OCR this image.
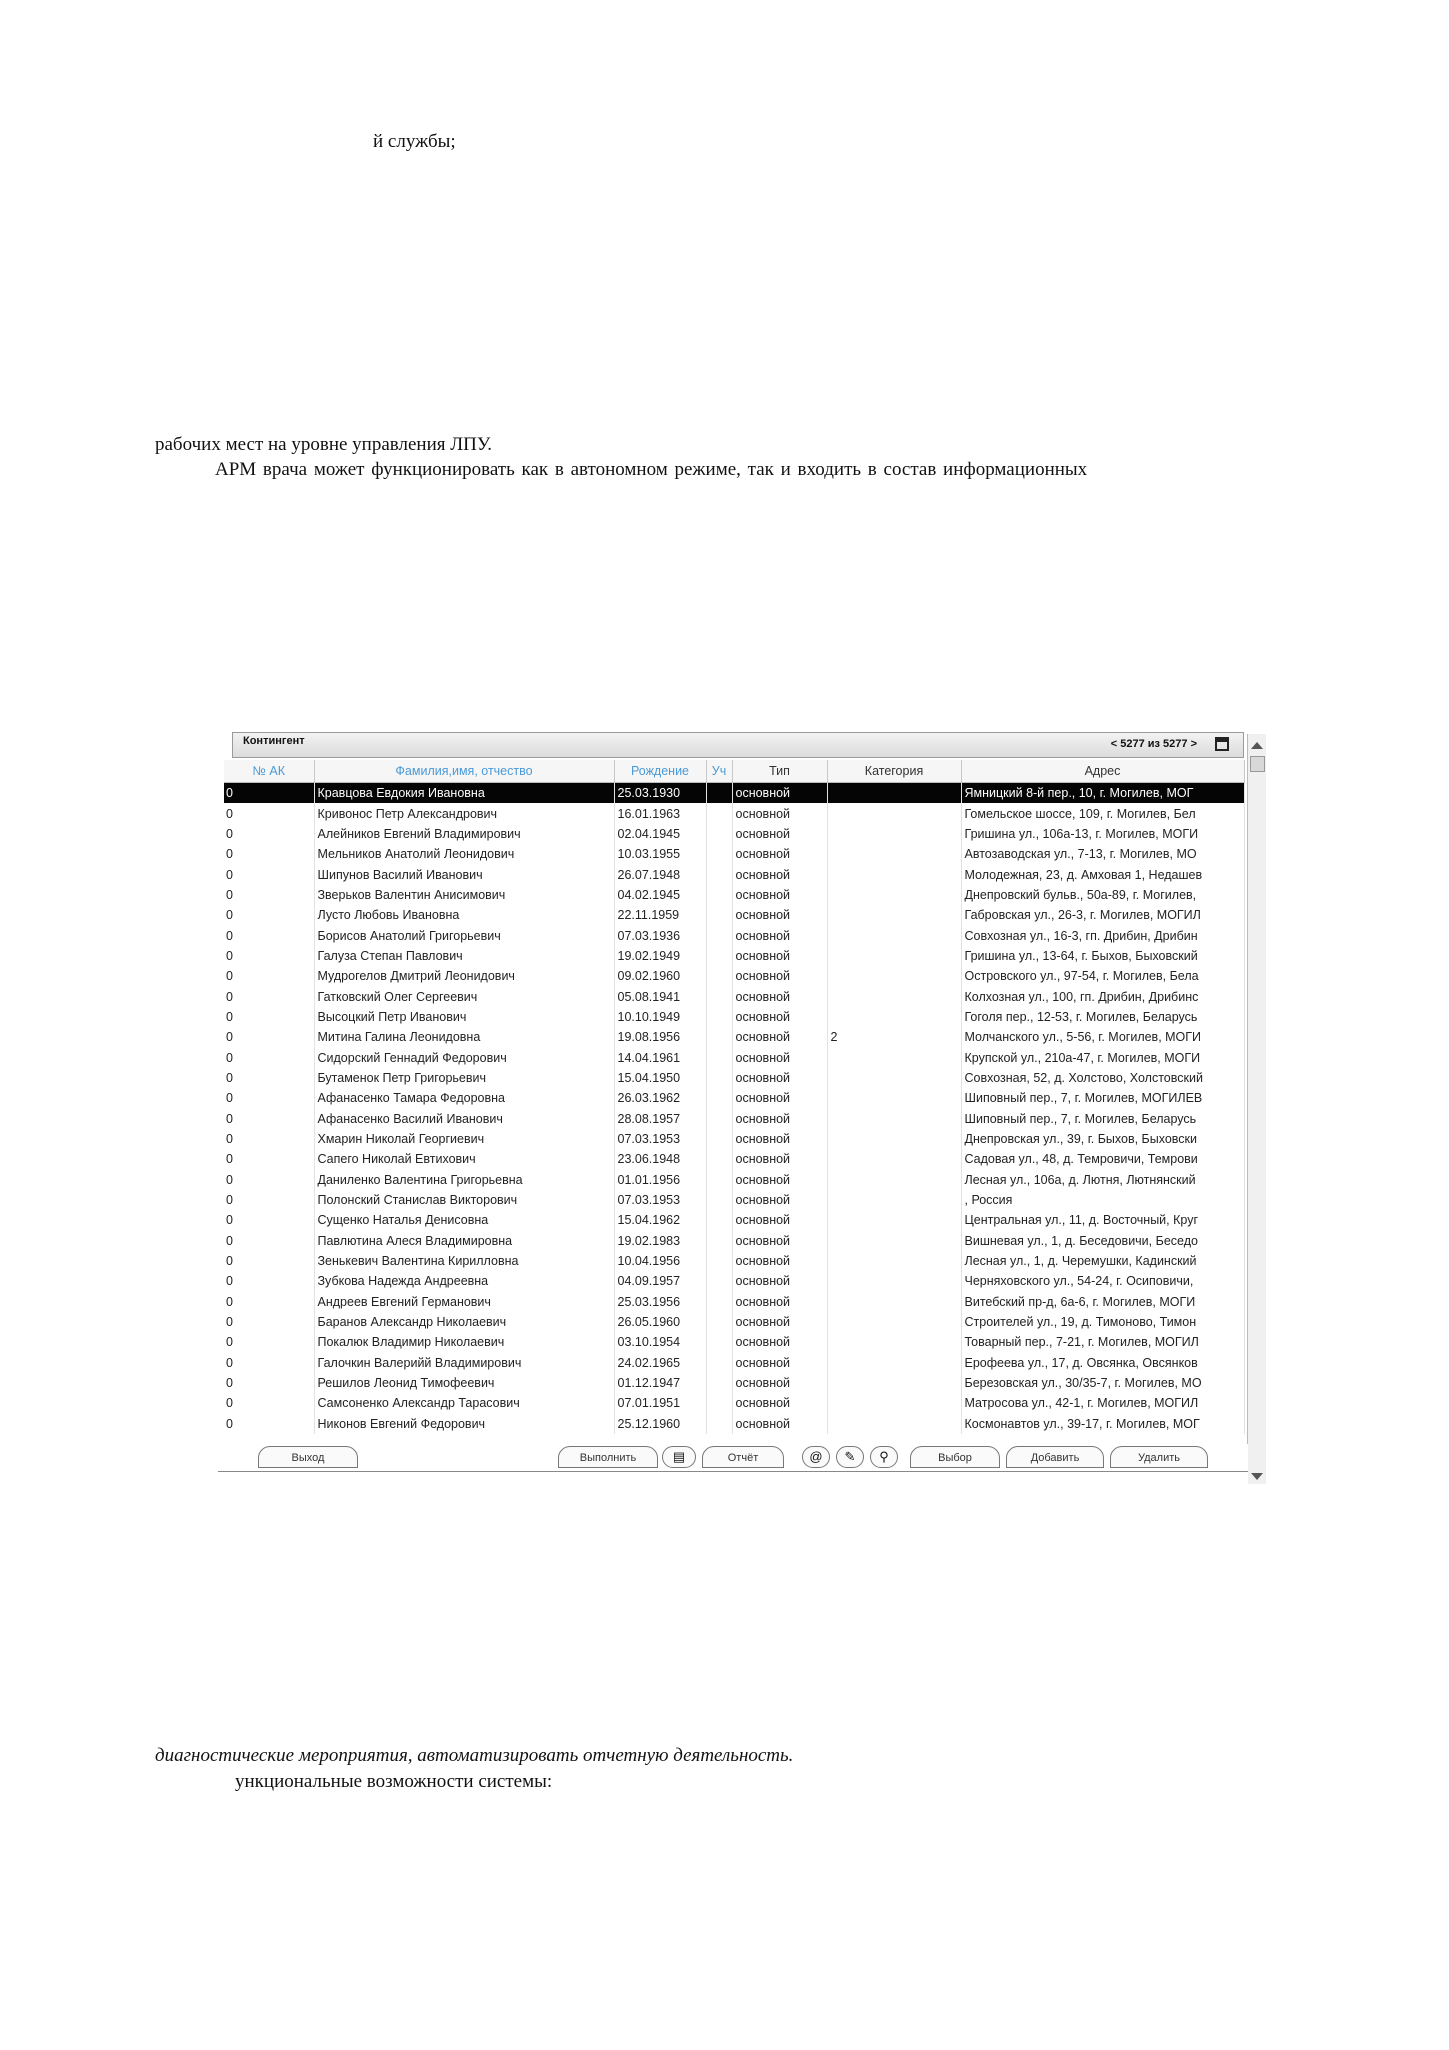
й службы;
рабочих мест на уровне управления ЛПУ.
АРМ врача может функционировать как в автономном режиме, так и входить в состав информационных
диагностические мероприятия, автоматизировать отчетную деятельность.
ункциональные возможности системы:
Контингент	< 5277 из 5277 >
№ АК	Фамилия,имя, отчество	Рождение	Уч	Тип	Категория	Адрес
0	Кравцова Евдокия Ивановна	25.03.1930		основной		Ямницкий 8-й пер., 10, г. Могилев, МОГ
0	Кривонос Петр Александрович	16.01.1963		основной		Гомельское шоссе, 109, г. Могилев, Бел
0	Алейников Евгений Владимирович	02.04.1945		основной		Гришина ул., 106а-13, г. Могилев, МОГИ
0	Мельников Анатолий Леонидович	10.03.1955		основной		Автозаводская ул., 7-13, г. Могилев, МО
0	Шипунов Василий Иванович	26.07.1948		основной		Молодежная, 23, д. Амховая 1, Недашев
0	Зверьков Валентин Анисимович	04.02.1945		основной		Днепровский бульв., 50а-89, г. Могилев,
0	Лусто Любовь Ивановна	22.11.1959		основной		Габровская ул., 26-3, г. Могилев, МОГИЛ
0	Борисов Анатолий Григорьевич	07.03.1936		основной		Совхозная ул., 16-3, гп. Дрибин, Дрибин
0	Галуза Степан Павлович	19.02.1949		основной		Гришина ул., 13-64, г. Быхов, Быховский
0	Мудрогелов Дмитрий Леонидович	09.02.1960		основной		Островского ул., 97-54, г. Могилев, Бела
0	Гатковский Олег Сергеевич	05.08.1941		основной		Колхозная ул., 100, гп. Дрибин, Дрибинс
0	Высоцкий Петр Иванович	10.10.1949		основной		Гоголя пер., 12-53, г. Могилев, Беларусь
0	Митина Галина Леонидовна	19.08.1956		основной	2	Молчанского ул., 5-56, г. Могилев, МОГИ
0	Сидорский Геннадий Федорович	14.04.1961		основной		Крупской ул., 210а-47, г. Могилев, МОГИ
0	Бутаменок Петр Григорьевич	15.04.1950		основной		Совхозная, 52, д. Холстово, Холстовский
0	Афанасенко Тамара Федоровна	26.03.1962		основной		Шиповный пер., 7, г. Могилев, МОГИЛЕВ
0	Афанасенко Василий Иванович	28.08.1957		основной		Шиповный пер., 7, г. Могилев, Беларусь
0	Хмарин Николай Георгиевич	07.03.1953		основной		Днепровская ул., 39, г. Быхов, Быховски
0	Сапего Николай Евтихович	23.06.1948		основной		Садовая ул., 48, д. Темровичи, Темрови
0	Даниленко Валентина Григорьевна	01.01.1956		основной		Лесная ул., 106а, д. Лютня, Лютнянский
0	Полонский Станислав Викторович	07.03.1953		основной		, Россия
0	Сущенко Наталья Денисовна	15.04.1962		основной		Центральная ул., 11, д. Восточный, Круг
0	Павлютина Алеся Владимировна	19.02.1983		основной		Вишневая ул., 1, д. Беседовичи, Беседо
0	Зенькевич Валентина Кирилловна	10.04.1956		основной		Лесная ул., 1, д. Черемушки, Кадинский
0	Зубкова Надежда Андреевна	04.09.1957		основной		Черняховского ул., 54-24, г. Осиповичи,
0	Андреев Евгений Германович	25.03.1956		основной		Витебский пр-д, 6а-6, г. Могилев, МОГИ
0	Баранов Александр Николаевич	26.05.1960		основной		Строителей ул., 19, д. Тимоново, Тимон
0	Покалюк Владимир Николаевич	03.10.1954		основной		Товарный пер., 7-21, г. Могилев, МОГИЛ
0	Галочкин Валерийй Владимирович	24.02.1965		основной		Ерофеева ул., 17, д. Овсянка, Овсянков
0	Решилов Леонид Тимофеевич	01.12.1947		основной		Березовская ул., 30/35-7, г. Могилев, МО
0	Самсоненко Александр Тарасович	07.01.1951		основной		Матросова ул., 42-1, г. Могилев, МОГИЛ
0	Никонов Евгений Федорович	25.12.1960		основной		Космонавтов ул., 39-17, г. Могилев, МОГ
Выход	Выполнить	▤	Отчёт	@	✎	⚲	Выбор	Добавить	Удалить
